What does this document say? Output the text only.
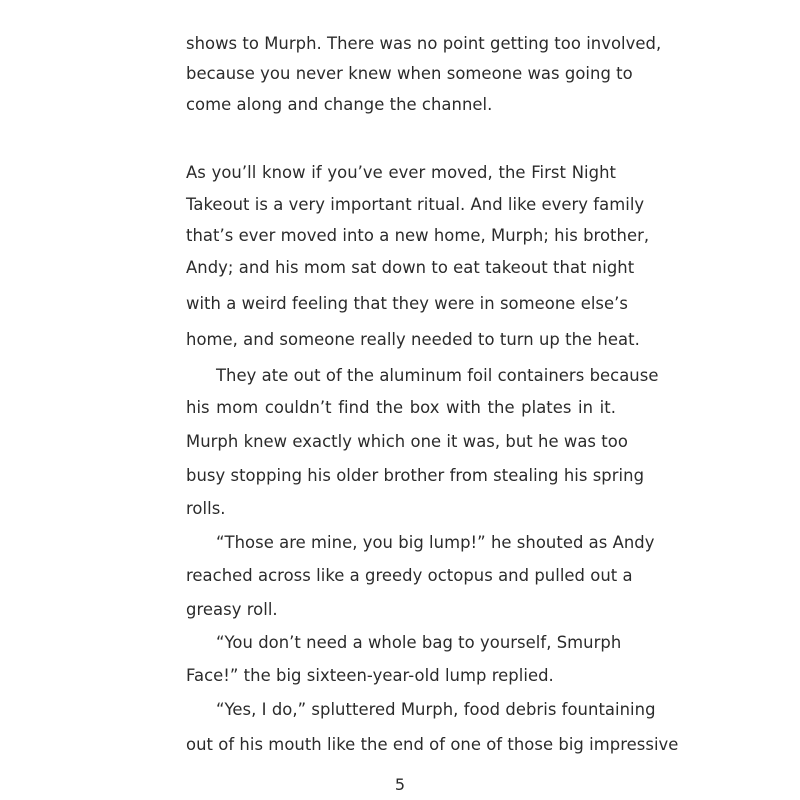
shows to Murph. There was no point getting too involved,
because you never knew when someone was going to
come along and change the channel.
As you’ll know if you’ve ever moved, the First Night
Takeout is a very important ritual. And like every family
that’s ever moved into a new home, Murph; his brother,
Andy; and his mom sat down to eat takeout that night
with a weird feeling that they were in someone else’s
home, and someone really needed to turn up the heat.
They ate out of the aluminum foil containers because
his mom couldn’t find the box with the plates in it.
Murph knew exactly which one it was, but he was too
busy stopping his older brother from stealing his spring
rolls.
“Those are mine, you big lump!” he shouted as Andy
reached across like a greedy octopus and pulled out a
greasy roll.
“You don’t need a whole bag to yourself, Smurph
Face!” the big sixteen-year-old lump replied.
“Yes, I do,” spluttered Murph, food debris fountaining
out of his mouth like the end of one of those big impressive
5
